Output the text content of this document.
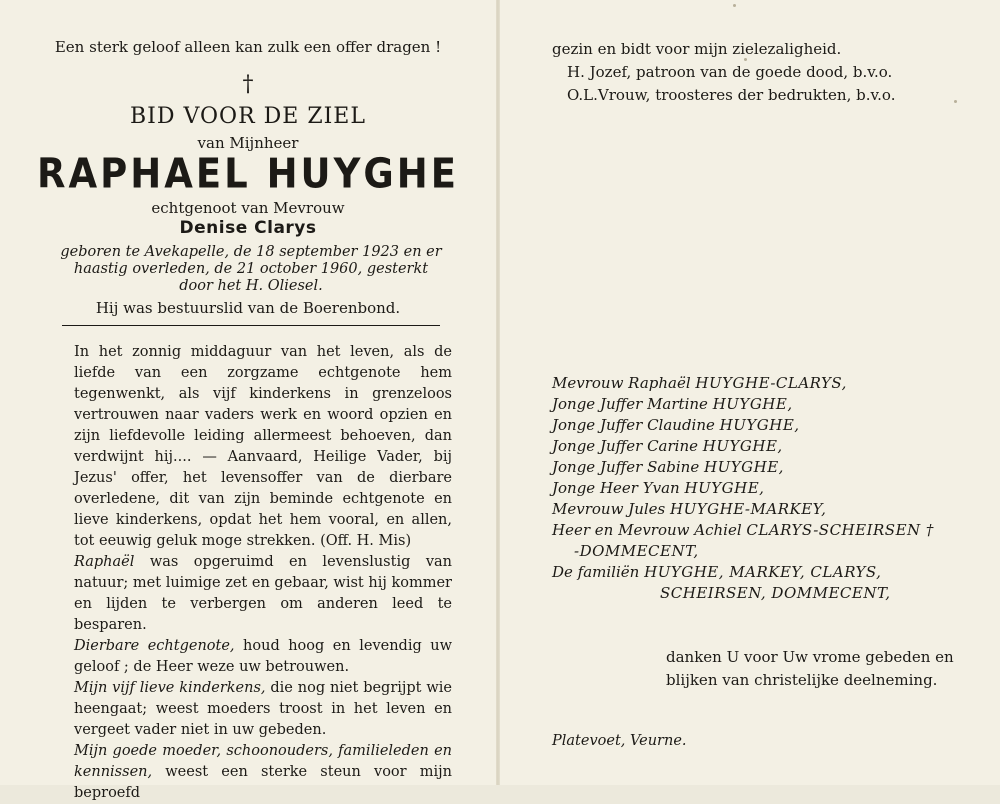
Een sterk geloof alleen kan zulk een offer dragen !
†
BID VOOR DE ZIEL
van Mijnheer
RAPHAEL HUYGHE
echtgenoot van Mevrouw
Denise Clarys
geboren te Avekapelle, de 18 september 1923 en er haastig overleden, de 21 october 1960, gesterkt door het H. Oliesel.
Hij was bestuurslid van de Boerenbond.

In het zonnig middaguur van het leven, als de liefde van een zorgzame echtgenote hem tegenwenkt, als vijf kinderkens in grenzeloos vertrouwen naar vaders werk en woord opzien en zijn liefdevolle leiding allermeest behoeven, dan verdwijnt hij.... — Aanvaard, Heilige Vader, bij Jezus' offer, het levensoffer van de dierbare overledene, dit van zijn beminde echtgenote en lieve kinderkens, opdat het hem vooral, en allen, tot eeuwig geluk moge strekken. (Off. H. Mis)

Raphaël was opgeruimd en levenslustig van natuur; met luimige zet en gebaar, wist hij kommer en lijden te verbergen om anderen leed te besparen.

Dierbare echtgenote, houd hoog en levendig uw geloof ; de Heer weze uw betrouwen.

Mijn vijf lieve kinderkens, die nog niet begrijpt wie heengaat; weest moeders troost in het leven en vergeet vader niet in uw gebeden.

Mijn goede moeder, schoonouders, familieleden en kennissen, weest een sterke steun voor mijn beproefd

gezin en bidt voor mijn zielezaligheid.
H. Jozef, patroon van de goede dood, b.v.o.
O.L.Vrouw, troosteres der bedrukten, b.v.o.
Mevrouw Raphaël HUYGHE-CLARYS,
Jonge Juffer Martine HUYGHE,
Jonge Juffer Claudine HUYGHE,
Jonge Juffer Carine HUYGHE,
Jonge Juffer Sabine HUYGHE,
Jonge Heer Yvan HUYGHE,
Mevrouw Jules HUYGHE-MARKEY,
Heer en Mevrouw Achiel CLARYS-SCHEIRSEN †
-DOMMECENT,
De familiën HUYGHE, MARKEY, CLARYS,
SCHEIRSEN, DOMMECENT,
danken U voor Uw vrome gebeden en
blijken van christelijke deelneming.
Platevoet, Veurne.
